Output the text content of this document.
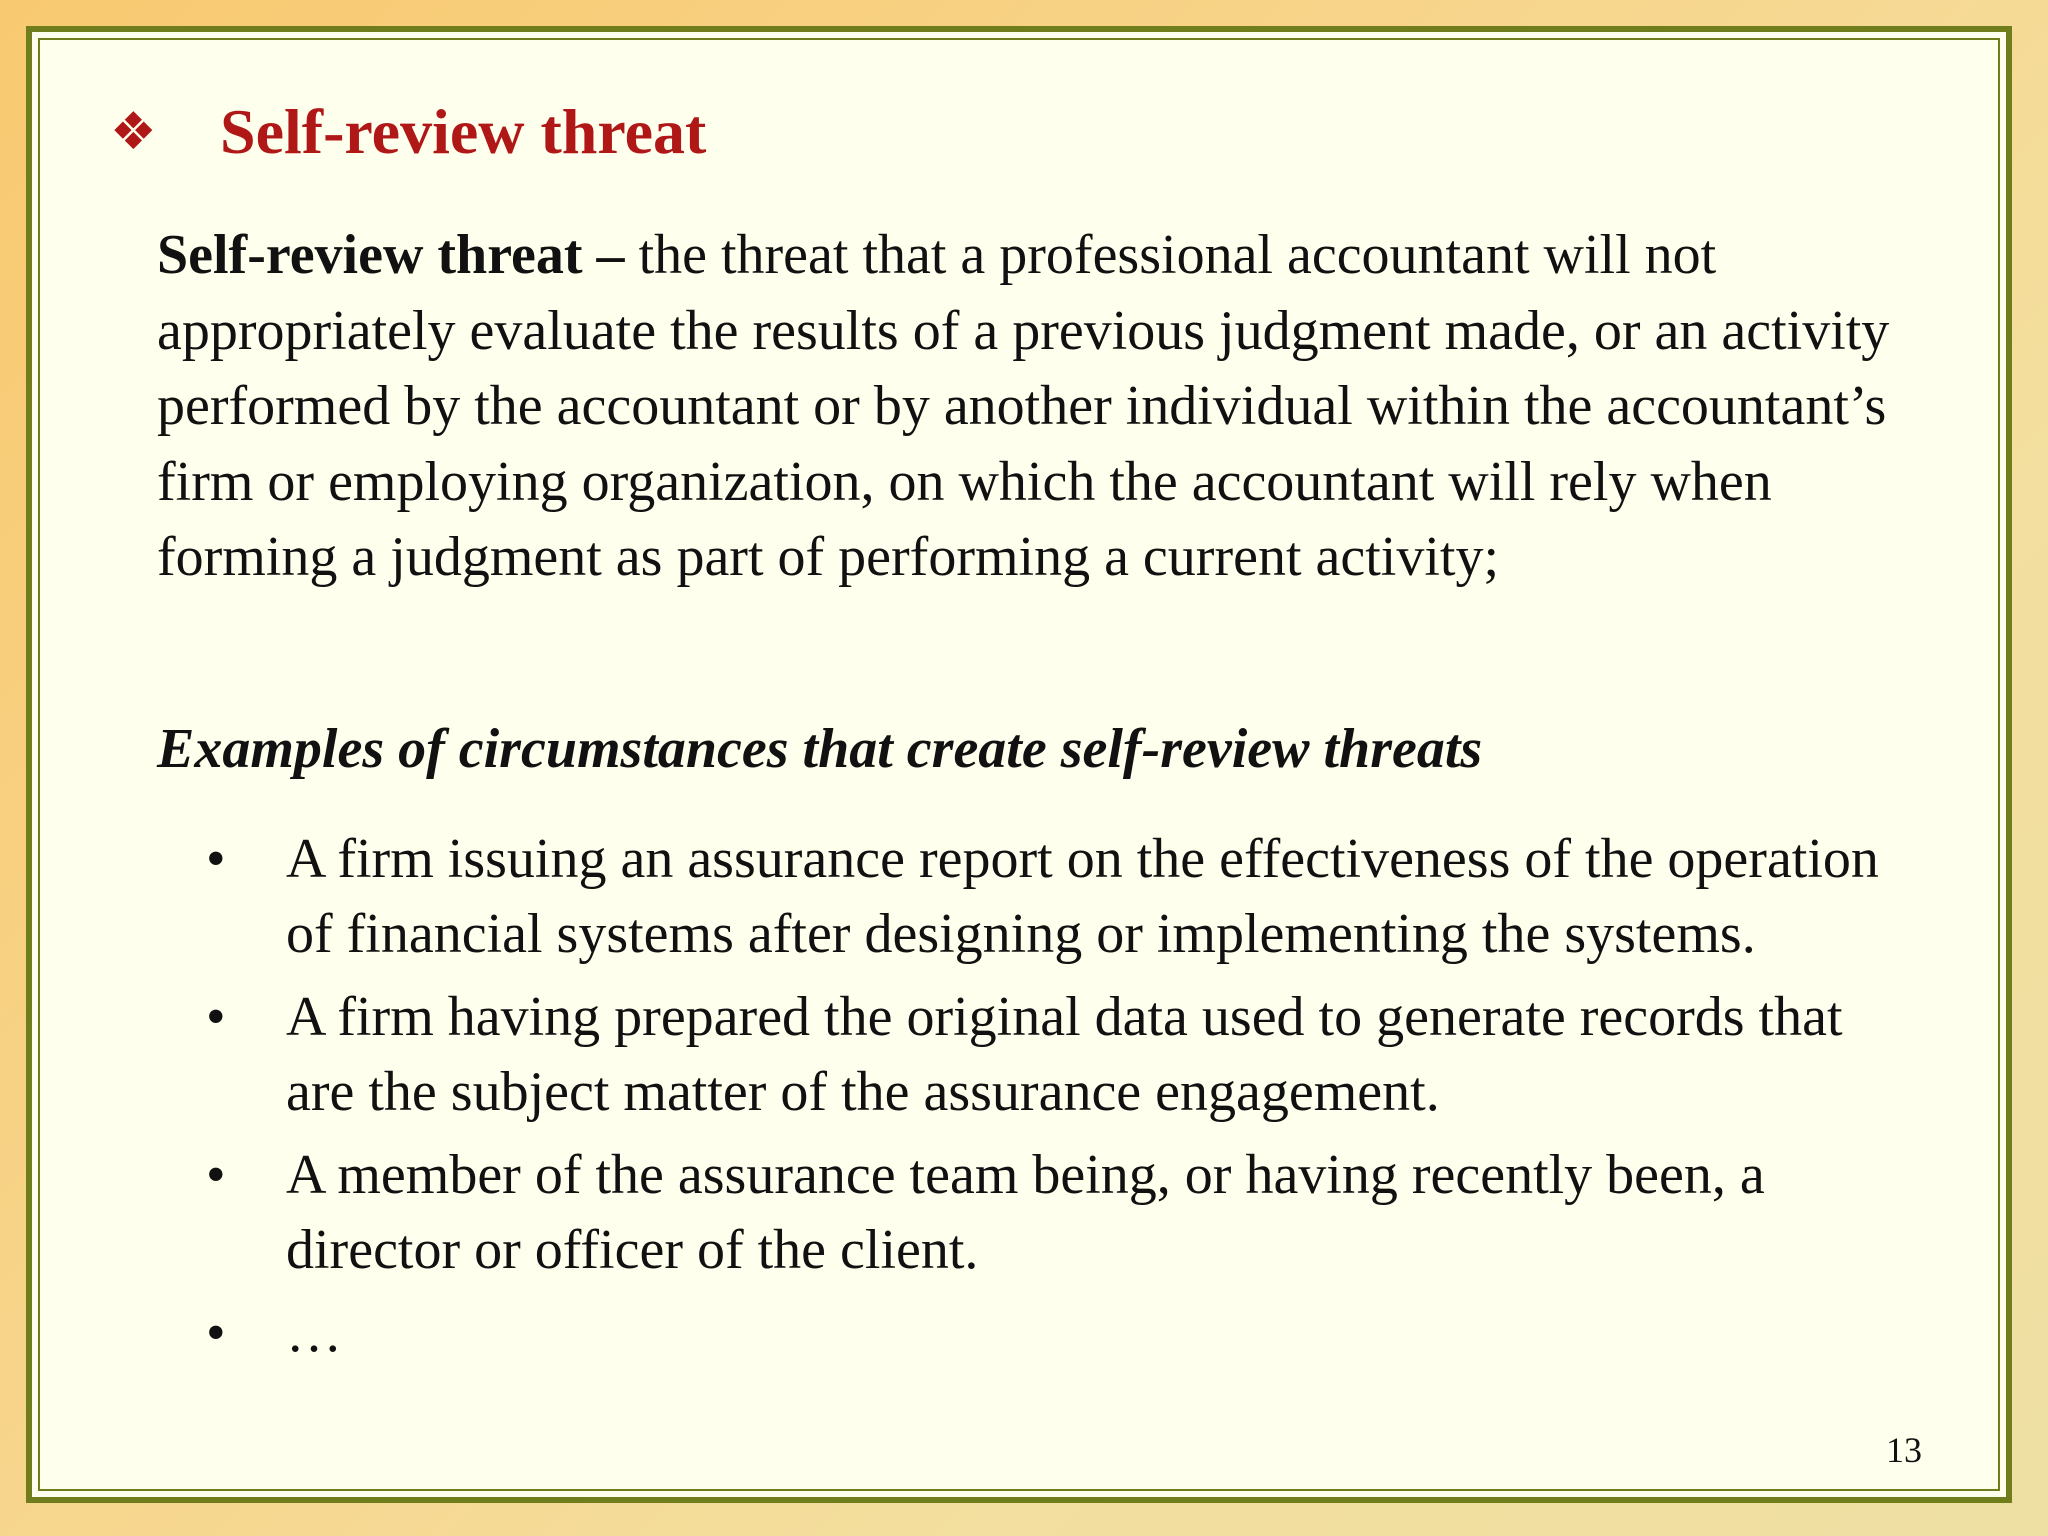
❖ Self-review threat
Self-review threat – the threat that a professional accountant will not appropriately evaluate the results of a previous judgment made, or an activity performed by the accountant or by another individual within the accountant’s firm or employing organization, on which the accountant will rely when forming a judgment as part of performing a current activity;
Examples of circumstances that create self-review threats
•	A firm issuing an assurance report on the effectiveness of the operation of financial systems after designing or implementing the systems.
•	A firm having prepared the original data used to generate records that are the subject matter of the assurance engagement.
•	A member of the assurance team being, or having recently been, a director or officer of the client.
•	…
13
